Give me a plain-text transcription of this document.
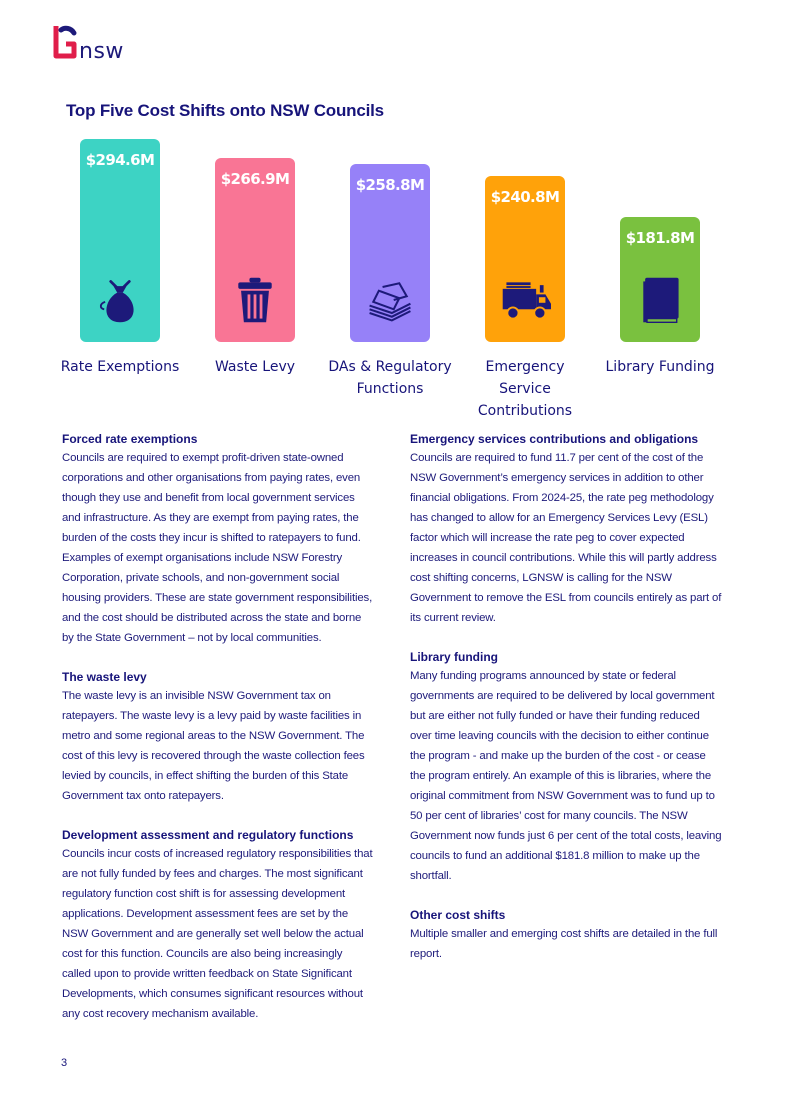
nsw
Top Five Cost Shifts onto NSW Councils
$294.6M
Rate Exemptions
$266.9M
Waste Levy
$258.8M
DAs & Regulatory
Functions
$240.8M
Emergency Service
Contributions
$181.8M
Library Funding
Forced rate exemptions

Councils are required to exempt profit-driven state-owned corporations and other organisations from paying rates, even though they use and benefit from local government services and infrastructure. As they are exempt from paying rates, the burden of the costs they incur is shifted to ratepayers to fund. Examples of exempt organisations include NSW Forestry Corporation, private schools, and non-government social housing providers. These are state government responsibilities, and the cost should be distributed across the state and borne by the State Government – not by local communities.

The waste levy

The waste levy is an invisible NSW Government tax on ratepayers. The waste levy is a levy paid by waste facilities in metro and some regional areas to the NSW Government. The cost of this levy is recovered through the waste collection fees levied by councils, in effect shifting the burden of this State Government tax onto ratepayers.

Development assessment and regulatory functions

Councils incur costs of increased regulatory responsibilities that are not fully funded by fees and charges. The most significant regulatory function cost shift is for assessing development applications. Development assessment fees are set by the NSW Government and are generally set well below the actual cost for this function. Councils are also being increasingly called upon to provide written feedback on State Significant Developments, which consumes significant resources without any cost recovery mechanism available.

Emergency services contributions and obligations

Councils are required to fund 11.7 per cent of the cost of the NSW Government’s emergency services in addition to other financial obligations. From 2024-25, the rate peg methodology has changed to allow for an Emergency Services Levy (ESL) factor which will increase the rate peg to cover expected increases in council contributions. While this will partly address cost shifting concerns, LGNSW is calling for the NSW Government to remove the ESL from councils entirely as part of its current review.

Library funding

Many funding programs announced by state or federal governments are required to be delivered by local government but are either not fully funded or have their funding reduced over time leaving councils with the decision to either continue the program - and make up the burden of the cost - or cease the program entirely. An example of this is libraries, where the original commitment from NSW Government was to fund up to 50 per cent of libraries’ cost for many councils. The NSW Government now funds just 6 per cent of the total costs, leaving councils to fund an additional $181.8 million to make up the shortfall.

Other cost shifts

Multiple smaller and emerging cost shifts are detailed in the full report.

3
